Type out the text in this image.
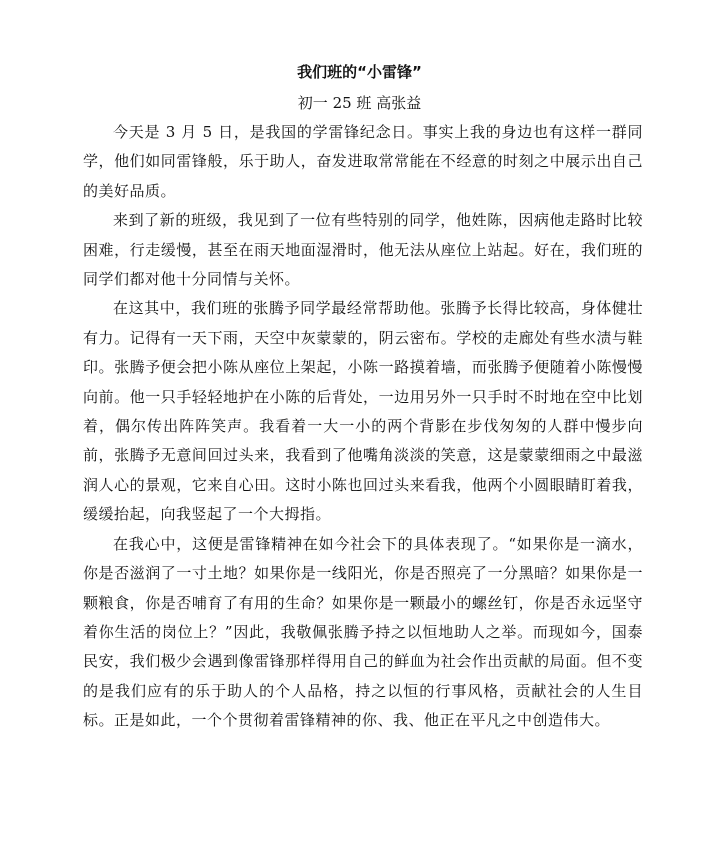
我们班的“小雷锋”
初一 25 班 高张益

今天是 3 月 5 日，是我国的学雷锋纪念日。事实上我的身边也有这样一群同学，他们如同雷锋般，乐于助人，奋发进取常常能在不经意的时刻之中展示出自己的美好品质。

来到了新的班级，我见到了一位有些特别的同学，他姓陈，因病他走路时比较困难，行走缓慢，甚至在雨天地面湿滑时，他无法从座位上站起。好在，我们班的同学们都对他十分同情与关怀。

在这其中，我们班的张腾予同学最经常帮助他。张腾予长得比较高，身体健壮有力。记得有一天下雨，天空中灰蒙蒙的，阴云密布。学校的走廊处有些水渍与鞋印。张腾予便会把小陈从座位上架起，小陈一路摸着墙，而张腾予便随着小陈慢慢向前。他一只手轻轻地护在小陈的后背处，一边用另外一只手时不时地在空中比划着，偶尔传出阵阵笑声。我看着一大一小的两个背影在步伐匆匆的人群中慢步向前，张腾予无意间回过头来，我看到了他嘴角淡淡的笑意，这是蒙蒙细雨之中最滋润人心的景观，它来自心田。这时小陈也回过头来看我，他两个小圆眼睛盯着我，缓缓抬起，向我竖起了一个大拇指。

在我心中，这便是雷锋精神在如今社会下的具体表现了。“如果你是一滴水，你是否滋润了一寸土地？如果你是一线阳光，你是否照亮了一分黑暗？如果你是一颗粮食，你是否哺育了有用的生命？如果你是一颗最小的螺丝钉，你是否永远坚守着你生活的岗位上？”因此，我敬佩张腾予持之以恒地助人之举。而现如今，国泰民安，我们极少会遇到像雷锋那样得用自己的鲜血为社会作出贡献的局面。但不变的是我们应有的乐于助人的个人品格，持之以恒的行事风格，贡献社会的人生目标。正是如此，一个个贯彻着雷锋精神的你、我、他正在平凡之中创造伟大。
